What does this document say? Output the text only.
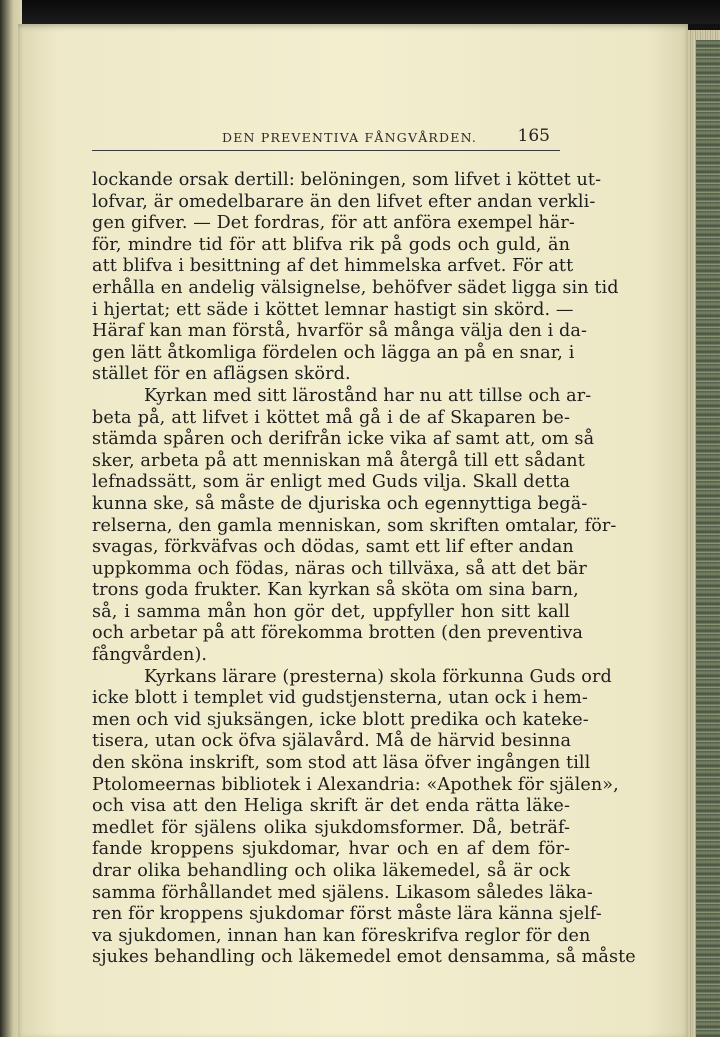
DEN PREVENTIVA FÅNGVÅRDEN. 165
lockande orsak dertill: belöningen, som lifvet i köttet ut-
lofvar, är omedelbarare än den lifvet efter andan verkli-
gen gifver. — Det fordras, för att anföra exempel här-
för, mindre tid för att blifva rik på gods och guld, än
att blifva i besittning af det himmelska arfvet. För att
erhålla en andelig välsignelse, behöfver sädet ligga sin tid
i hjertat; ett säde i köttet lemnar hastigt sin skörd. —
Häraf kan man förstå, hvarför så många välja den i da-
gen lätt åtkomliga fördelen och lägga an på en snar, i
stället för en aflägsen skörd.
Kyrkan med sitt lärostånd har nu att tillse och ar-
beta på, att lifvet i köttet må gå i de af Skaparen be-
stämda spåren och derifrån icke vika af samt att, om så
sker, arbeta på att menniskan må återgå till ett sådant
lefnadssätt, som är enligt med Guds vilja. Skall detta
kunna ske, så måste de djuriska och egennyttiga begä-
relserna, den gamla menniskan, som skriften omtalar, för-
svagas, förkväfvas och dödas, samt ett lif efter andan
uppkomma och födas, näras och tillväxa, så att det bär
trons goda frukter. Kan kyrkan så sköta om sina barn,
så, i samma mån hon gör det, uppfyller hon sitt kall
och arbetar på att förekomma brotten (den preventiva
fångvården).
Kyrkans lärare (presterna) skola förkunna Guds ord
icke blott i templet vid gudstjensterna, utan ock i hem-
men och vid sjuksängen, icke blott predika och kateke-
tisera, utan ock öfva själavård. Må de härvid besinna
den sköna inskrift, som stod att läsa öfver ingången till
Ptolomeernas bibliotek i Alexandria: «Apothek för själen»,
och visa att den Heliga skrift är det enda rätta läke-
medlet för själens olika sjukdomsformer. Då, beträf-
fande kroppens sjukdomar, hvar och en af dem för-
drar olika behandling och olika läkemedel, så är ock
samma förhållandet med själens. Likasom således läka-
ren för kroppens sjukdomar först måste lära känna sjelf-
va sjukdomen, innan han kan föreskrifva reglor för den
sjukes behandling och läkemedel emot densamma, så måste
